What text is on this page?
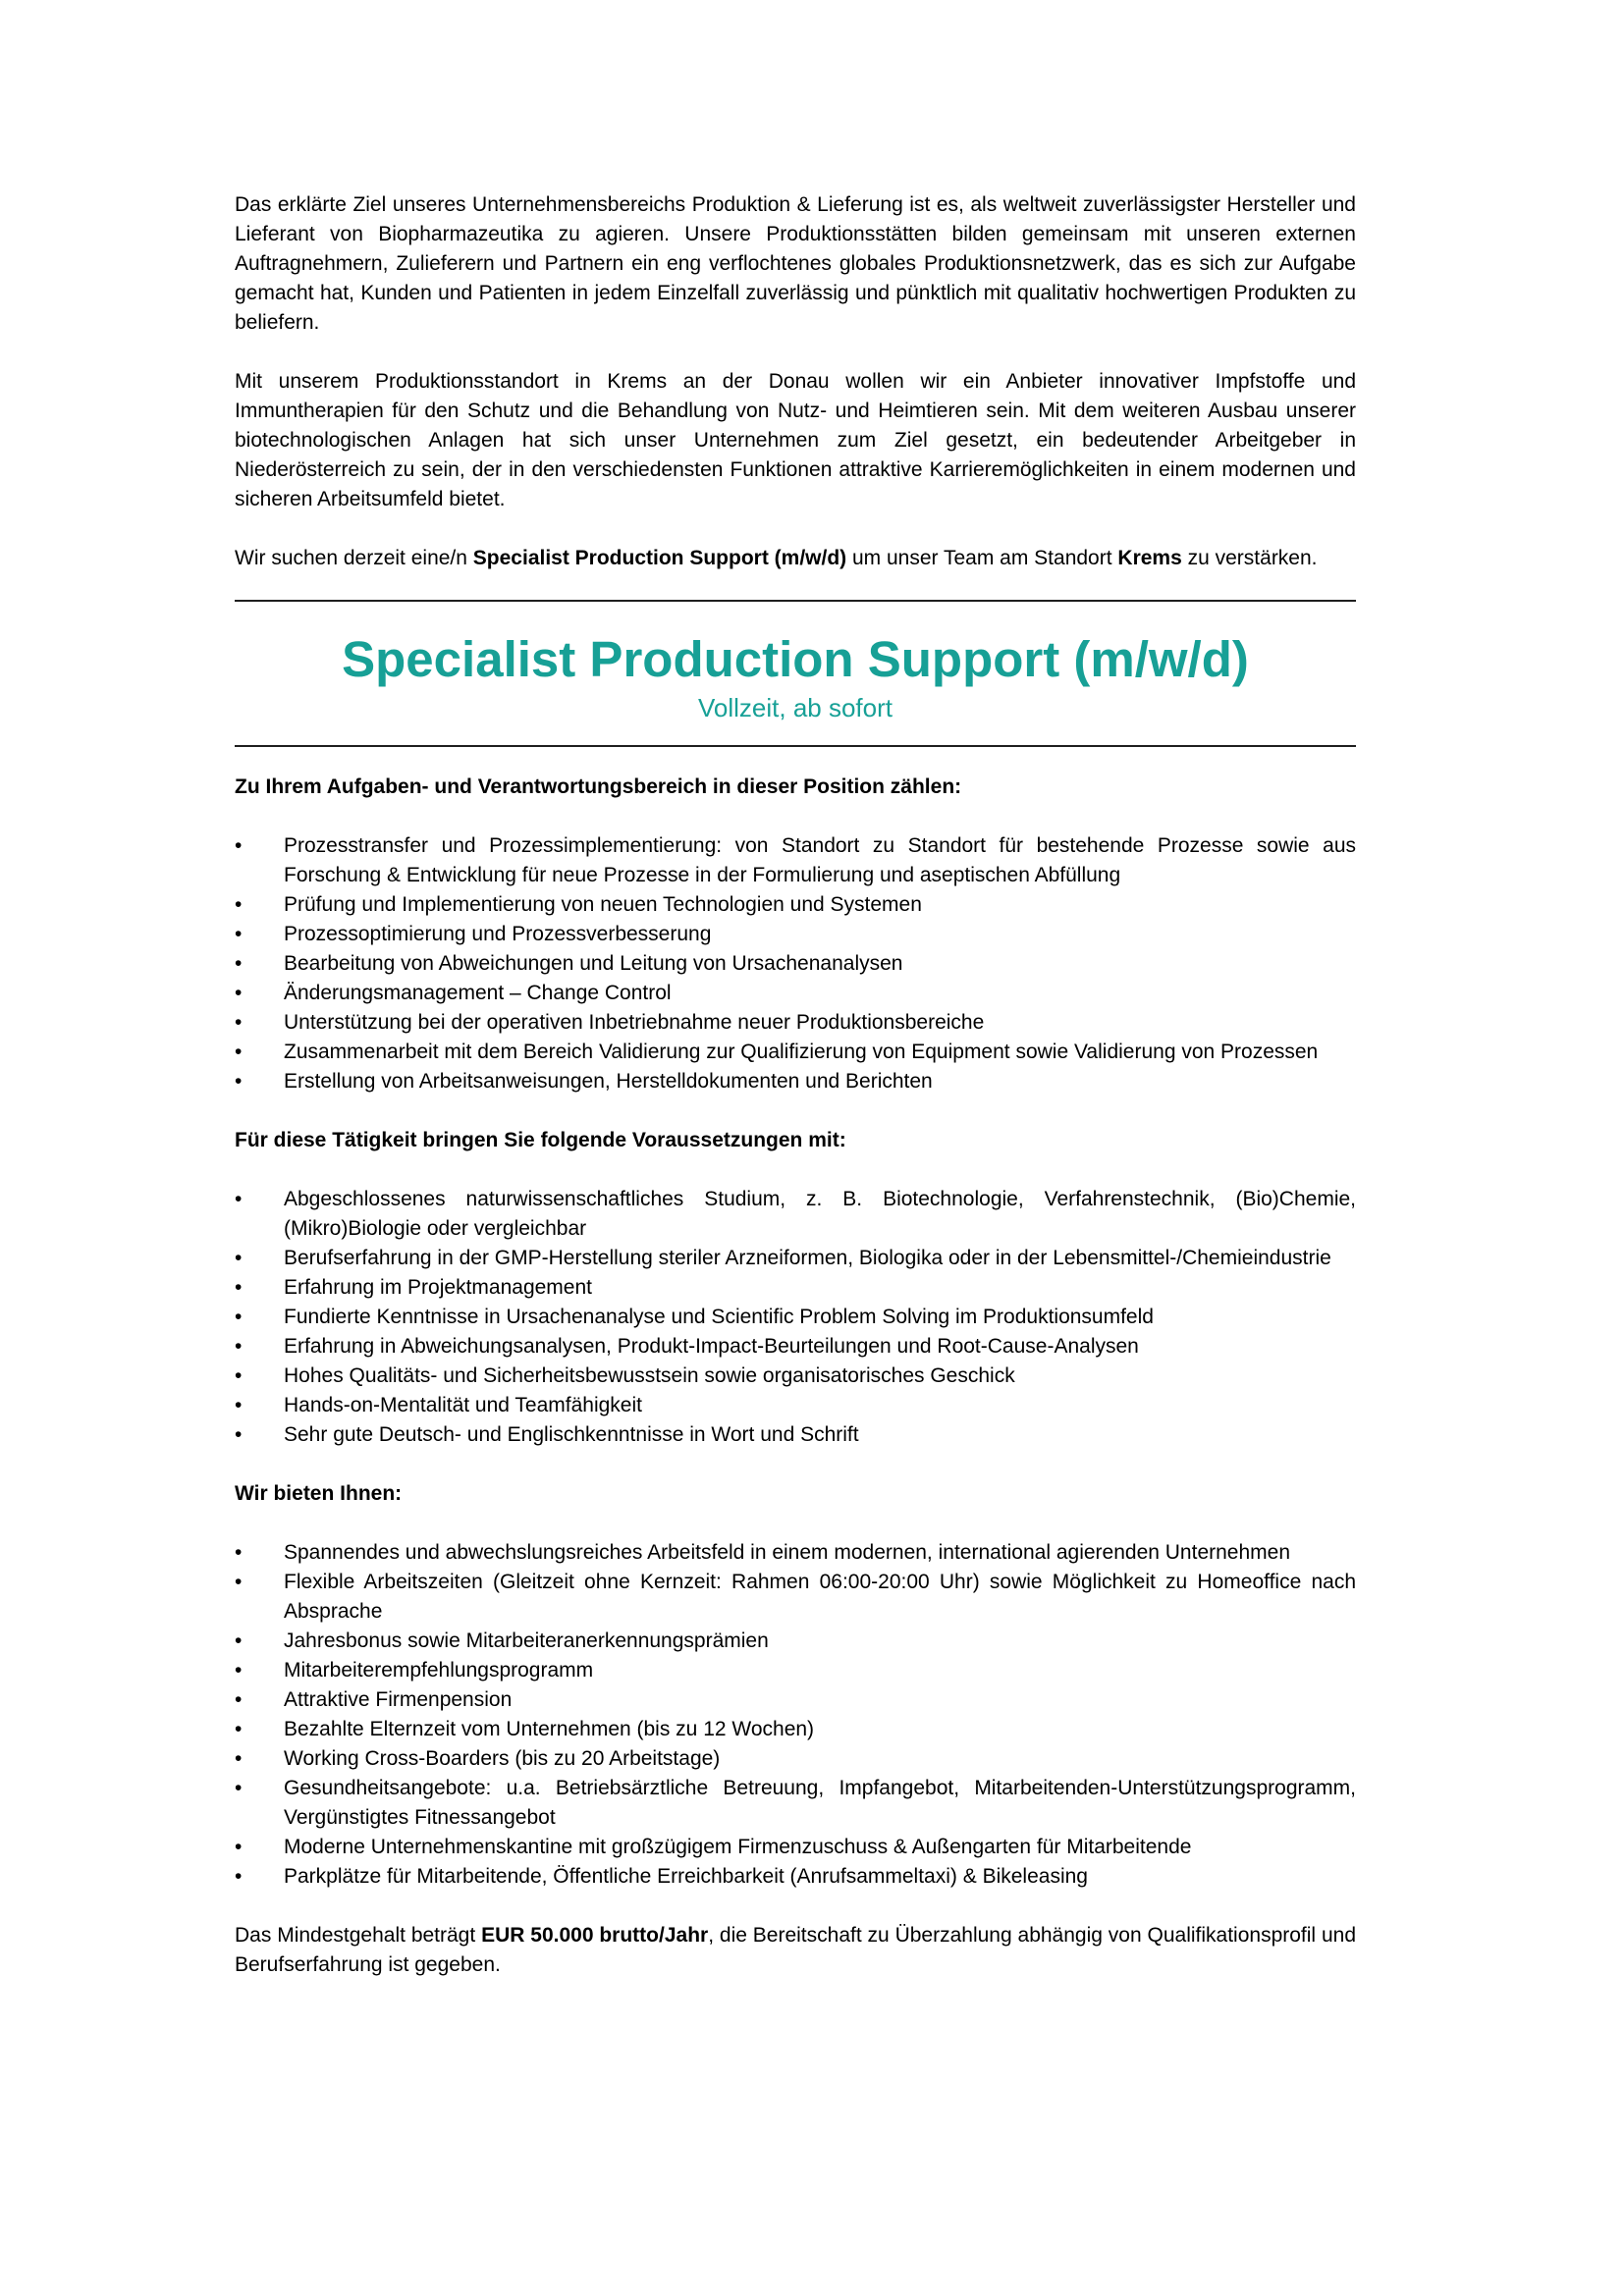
Das erklärte Ziel unseres Unternehmensbereichs Produktion & Lieferung ist es, als weltweit zuverlässigster Hersteller und Lieferant von Biopharmazeutika zu agieren. Unsere Produktionsstätten bilden gemeinsam mit unseren externen Auftragnehmern, Zulieferern und Partnern ein eng verflochtenes globales Produktionsnetzwerk, das es sich zur Aufgabe gemacht hat, Kunden und Patienten in jedem Einzelfall zuverlässig und pünktlich mit qualitativ hochwertigen Produkten zu beliefern.

Mit unserem Produktionsstandort in Krems an der Donau wollen wir ein Anbieter innovativer Impfstoffe und Immuntherapien für den Schutz und die Behandlung von Nutz- und Heimtieren sein. Mit dem weiteren Ausbau unserer biotechnologischen Anlagen hat sich unser Unternehmen zum Ziel gesetzt, ein bedeutender Arbeitgeber in Niederösterreich zu sein, der in den verschiedensten Funktionen attraktive Karrieremöglichkeiten in einem modernen und sicheren Arbeitsumfeld bietet.

Wir suchen derzeit eine/n Specialist Production Support (m/w/d) um unser Team am Standort Krems zu verstärken.

Specialist Production Support (m/w/d)
Vollzeit, ab sofort

Zu Ihrem Aufgaben- und Verantwortungsbereich in dieser Position zählen:

•	Prozesstransfer und Prozessimplementierung: von Standort zu Standort für bestehende Prozesse sowie aus Forschung & Entwicklung für neue Prozesse in der Formulierung und aseptischen Abfüllung
•	Prüfung und Implementierung von neuen Technologien und Systemen
•	Prozessoptimierung und Prozessverbesserung
•	Bearbeitung von Abweichungen und Leitung von Ursachenanalysen
•	Änderungsmanagement – Change Control
•	Unterstützung bei der operativen Inbetriebnahme neuer Produktionsbereiche
•	Zusammenarbeit mit dem Bereich Validierung zur Qualifizierung von Equipment sowie Validierung von Prozessen
•	Erstellung von Arbeitsanweisungen, Herstelldokumenten und Berichten

Für diese Tätigkeit bringen Sie folgende Voraussetzungen mit:

•	Abgeschlossenes naturwissenschaftliches Studium, z. B. Biotechnologie, Verfahrenstechnik, (Bio)Chemie, (Mikro)Biologie oder vergleichbar
•	Berufserfahrung in der GMP-Herstellung steriler Arzneiformen, Biologika oder in der Lebensmittel-/Chemieindustrie
•	Erfahrung im Projektmanagement
•	Fundierte Kenntnisse in Ursachenanalyse und Scientific Problem Solving im Produktionsumfeld
•	Erfahrung in Abweichungsanalysen, Produkt-Impact-Beurteilungen und Root-Cause-Analysen
•	Hohes Qualitäts- und Sicherheitsbewusstsein sowie organisatorisches Geschick
•	Hands-on-Mentalität und Teamfähigkeit
•	Sehr gute Deutsch- und Englischkenntnisse in Wort und Schrift

Wir bieten Ihnen:

•	Spannendes und abwechslungsreiches Arbeitsfeld in einem modernen, international agierenden Unternehmen
•	Flexible Arbeitszeiten (Gleitzeit ohne Kernzeit: Rahmen 06:00-20:00 Uhr) sowie Möglichkeit zu Homeoffice nach Absprache
•	Jahresbonus sowie Mitarbeiteranerkennungsprämien
•	Mitarbeiterempfehlungsprogramm
•	Attraktive Firmenpension
•	Bezahlte Elternzeit vom Unternehmen (bis zu 12 Wochen)
•	Working Cross-Boarders (bis zu 20 Arbeitstage)
•	Gesundheitsangebote: u.a. Betriebsärztliche Betreuung, Impfangebot, Mitarbeitenden-Unterstützungsprogramm, Vergünstigtes Fitnessangebot
•	Moderne Unternehmenskantine mit großzügigem Firmenzuschuss & Außengarten für Mitarbeitende
•	Parkplätze für Mitarbeitende, Öffentliche Erreichbarkeit (Anrufsammeltaxi) & Bikeleasing

Das Mindestgehalt beträgt EUR 50.000 brutto/Jahr, die Bereitschaft zu Überzahlung abhängig von Qualifikationsprofil und Berufserfahrung ist gegeben.
